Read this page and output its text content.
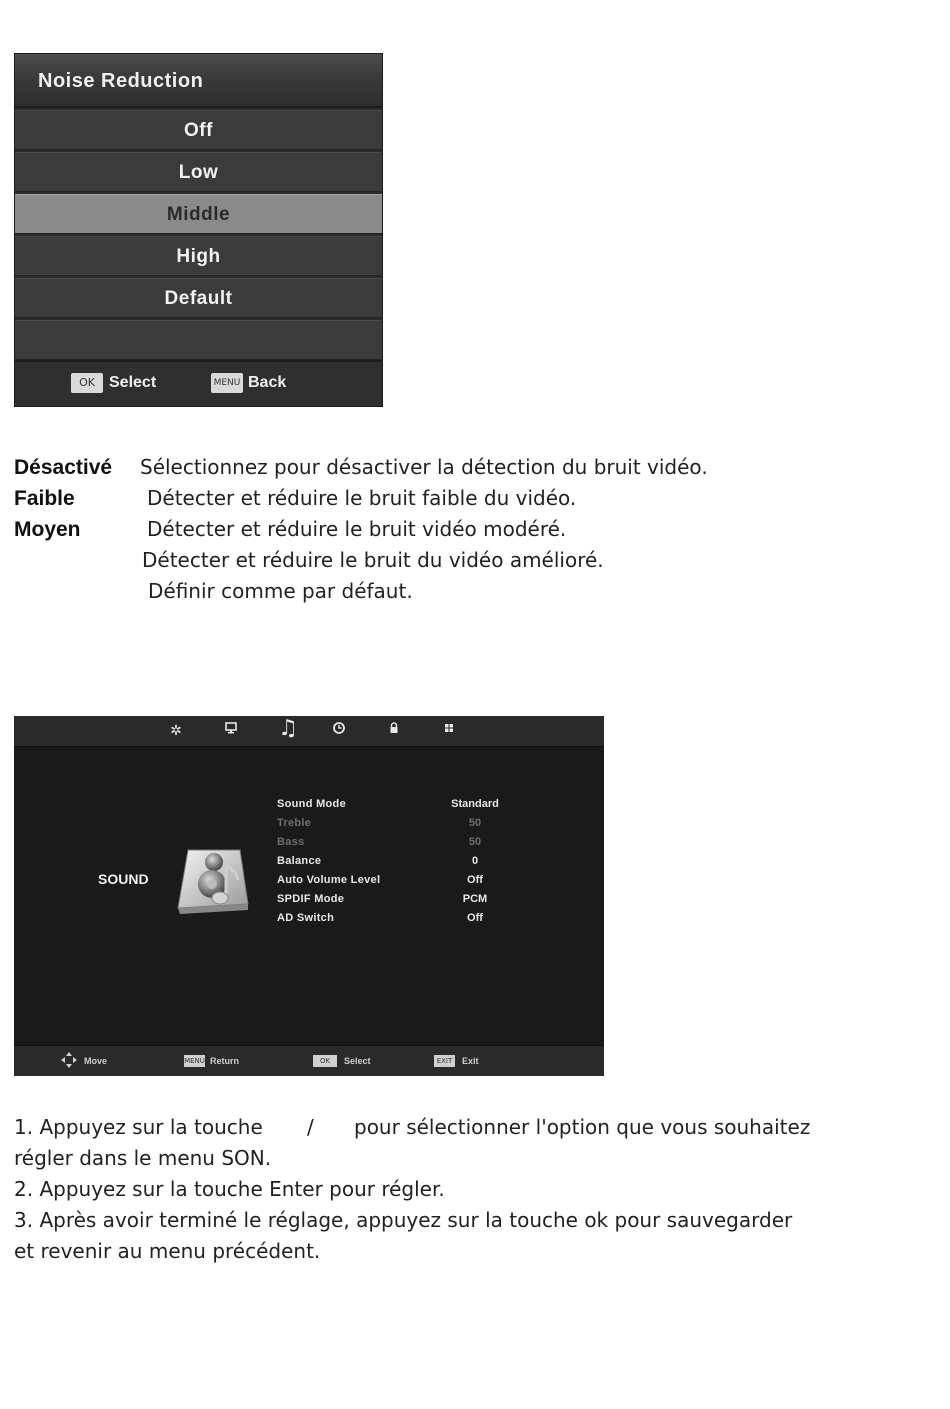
Noise Reduction
Off
Low
Middle
High
Default
OK Select	MENU Back
Désactivé Sélectionnez pour désactiver la détection du bruit vidéo.
Faible	Détecter et réduire le bruit faible du vidéo.
Moyen	Détecter et réduire le bruit vidéo modéré.
Détecter et réduire le bruit du vidéo amélioré.
Définir comme par défaut.
✲	♫
SOUND
Sound Mode	Standard
Treble	50
Bass	50
Balance	0
Auto Volume Level	Off
SPDIF Mode	PCM
AD Switch	Off
Move	MENU Return	OK	Select	EXIT	Exit
1. Appuyez sur la touche / pour sélectionner l'option que vous souhaitez
régler dans le menu SON.
2. Appuyez sur la touche Enter pour régler.
3. Après avoir terminé le réglage, appuyez sur la touche ok pour sauvegarder
et revenir au menu précédent.
